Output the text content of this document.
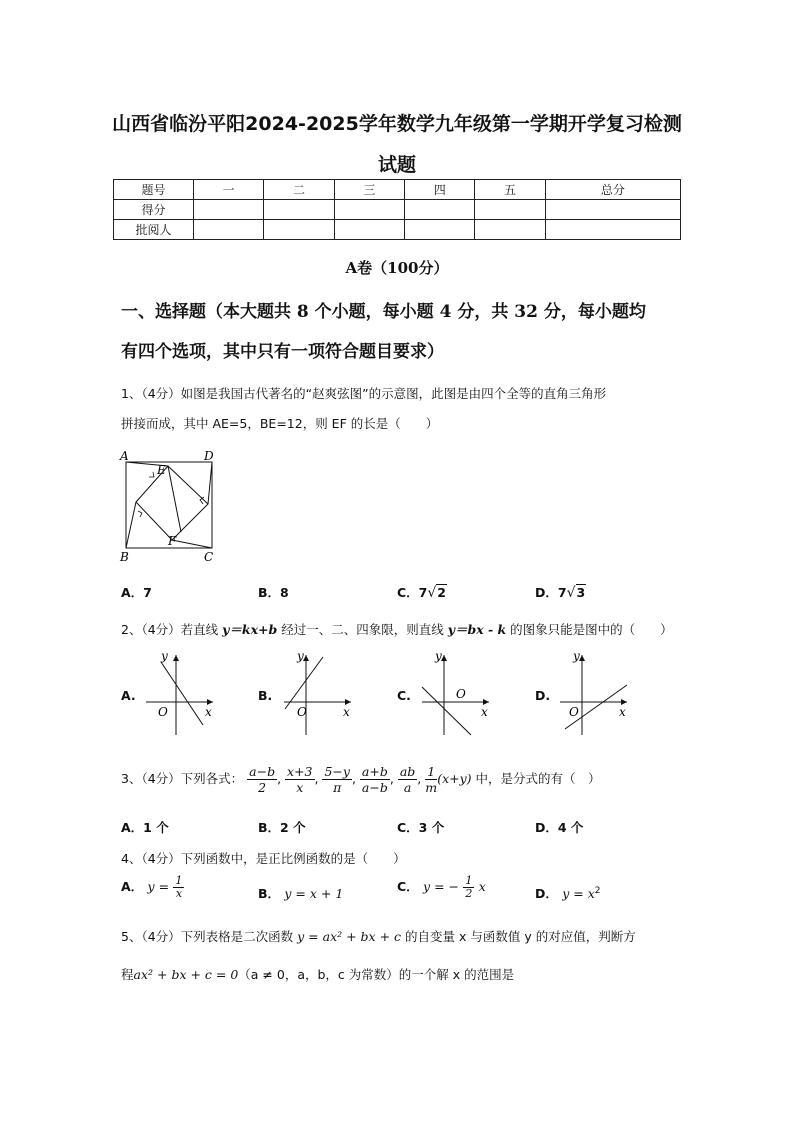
山西省临汾平阳2024-2025学年数学九年级第一学期开学复习检测
试题
题号	一	二	三	四	五	总分
得分						
批阅人						
A卷（100分）
一、选择题（本大题共 8 个小题，每小题 4 分，共 32 分，每小题均
有四个选项，其中只有一项符合题目要求）
1、（4分）如图是我国古代著名的“赵爽弦图”的示意图，此图是由四个全等的直角三角形
拼接而成，其中 AE=5，BE=12，则 EF 的长是（　　）
A	D
B	C
E
F
A．7	B．8	C．7√2	D．7√3
2、（4分）若直线 y＝kx+b 经过一、二、四象限，则直线 y＝bx - k 的图象只能是图中的（　　）
A.	B.	C.	D.
y
x
O
y
x
O
y
x
O
y
x
O
3、（4分）下列各式： $\frac{a-b}{2}$ , $\frac{x+3}{x}$ , $\frac{5-y}{\pi}$ , $\frac{a+b}{a-b}$ , $\frac{ab}{a}$ , $\frac{1}{m} (x+y)$ 中，是分式的有（　）
A．1 个	B．2 个	C．3 个	D．4 个
4、（4分）下列函数中，是正比例函数的是（　　）
A． $y = \frac{1}{x}$	B． y = x + 1	C． y = − $\frac{1}{2}$ x	D． $y = x^2$
5、（4分）下列表格是二次函数 y = ax² + bx + c 的自变量 x 与函数值 y 的对应值，判断方
程ax² + bx + c = 0（a ≠ 0，a，b，c 为常数）的一个解 x 的范围是
